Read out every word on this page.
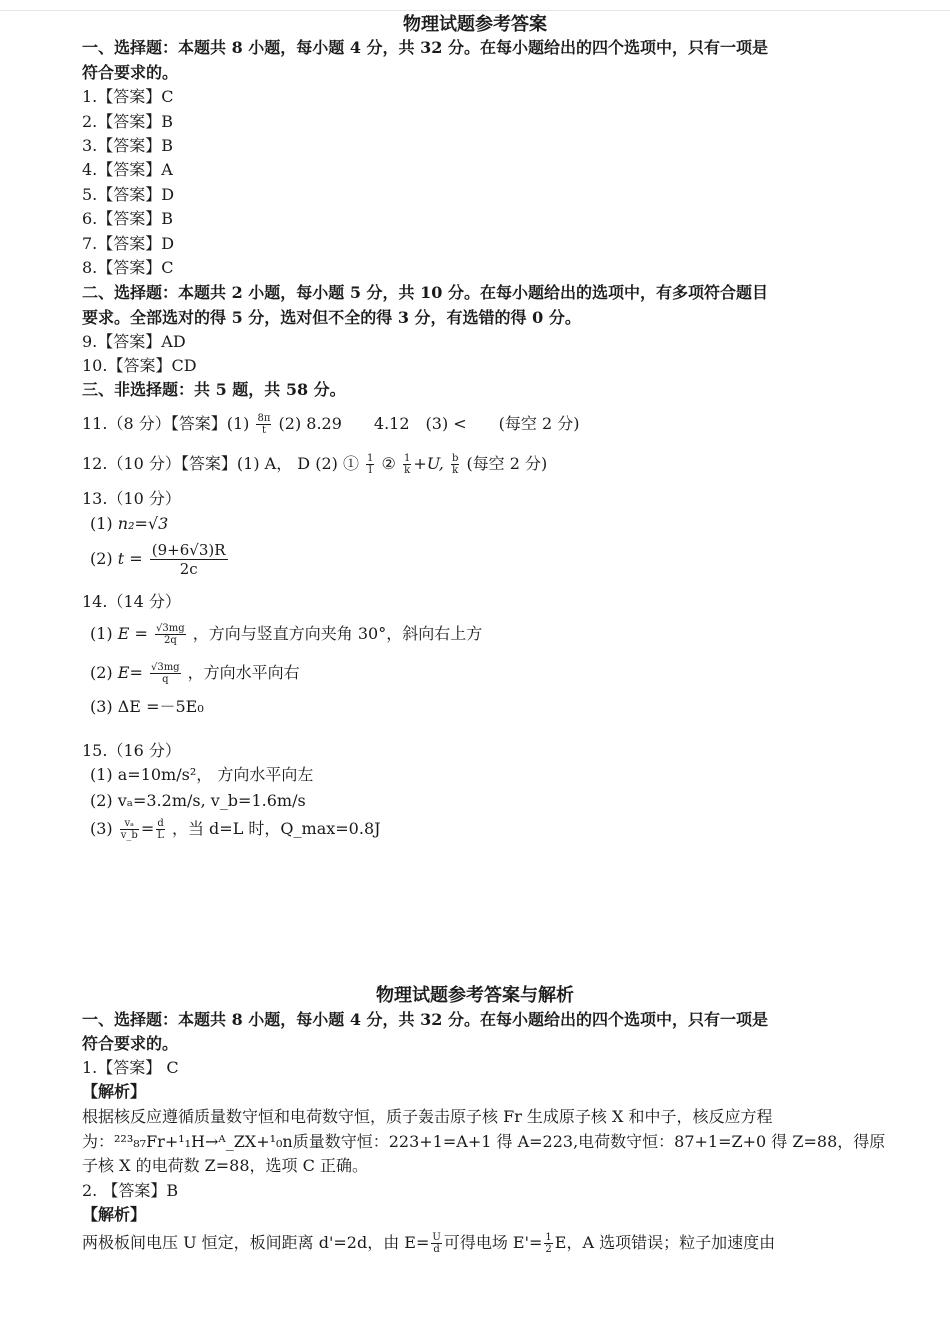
物理试题参考答案
一、选择题：本题共 8 小题，每小题 4 分，共 32 分。在每小题给出的四个选项中，只有一项是
符合要求的。
1.【答案】C
2.【答案】B
3.【答案】B
4.【答案】A
5.【答案】D
6.【答案】B
7.【答案】D
8.【答案】C
二、选择题：本题共 2 小题，每小题 5 分，共 10 分。在每小题给出的选项中，有多项符合题目
要求。全部选对的得 5 分，选对但不全的得 3 分，有选错的得 0 分。
9.【答案】AD
10.【答案】CD
三、非选择题：共 5 题，共 58 分。
11.（8 分）【答案】$(1) \frac{8\pi}{t} (2)$ 8.29　　4.12　(3) <　　(每空 2 分)
12.（10 分）【答案】(1) A， D (2) ① $\frac{1}{I}$ ② $\frac{1}{k} +U$, $\frac{b}{k}$ (每空 2 分)
13.（10 分）
(1) n₂=√3
(2) $t = \frac{(9+6√3)R}{2c}$
14.（14 分）
(1) $E = \frac{√3mg}{2q}$ ，方向与竖直方向夹角 30°，斜向右上方
(2) $E= \frac{√3mg}{q}$ ，方向水平向右
(3) ΔE =－5E₀
15.（16 分）
(1) a=10m/s²， 方向水平向左
(2) vₐ=3.2m/s, v_b=1.6m/s
$(3) \frac{\text{vₐ}}{v\_b} = \frac{d}{L}$ ，当 d=L 时，Q_max=0.8J
物理试题参考答案与解析
一、选择题：本题共 8 小题，每小题 4 分，共 32 分。在每小题给出的四个选项中，只有一项是
符合要求的。
1.【答案】 C
【解析】
根据核反应遵循质量数守恒和电荷数守恒，质子轰击原子核 Fr 生成原子核 X 和中子，核反应方程
为：²²³₈₇Fr+¹₁H→ᴬ_ZX+¹₀n质量数守恒：223+1=A+1 得 A=223,电荷数守恒：87+1=Z+0 得 Z=88，得原
子核 X 的电荷数 Z=88，选项 C 正确。
2. 【答案】B
【解析】
两极板间电压 U 恒定，板间距离 d'=2d，由 $E= \frac{U}{d}$ 可得电场 $E'= \frac{1}{2}$ E，A 选项错误；粒子加速度由
